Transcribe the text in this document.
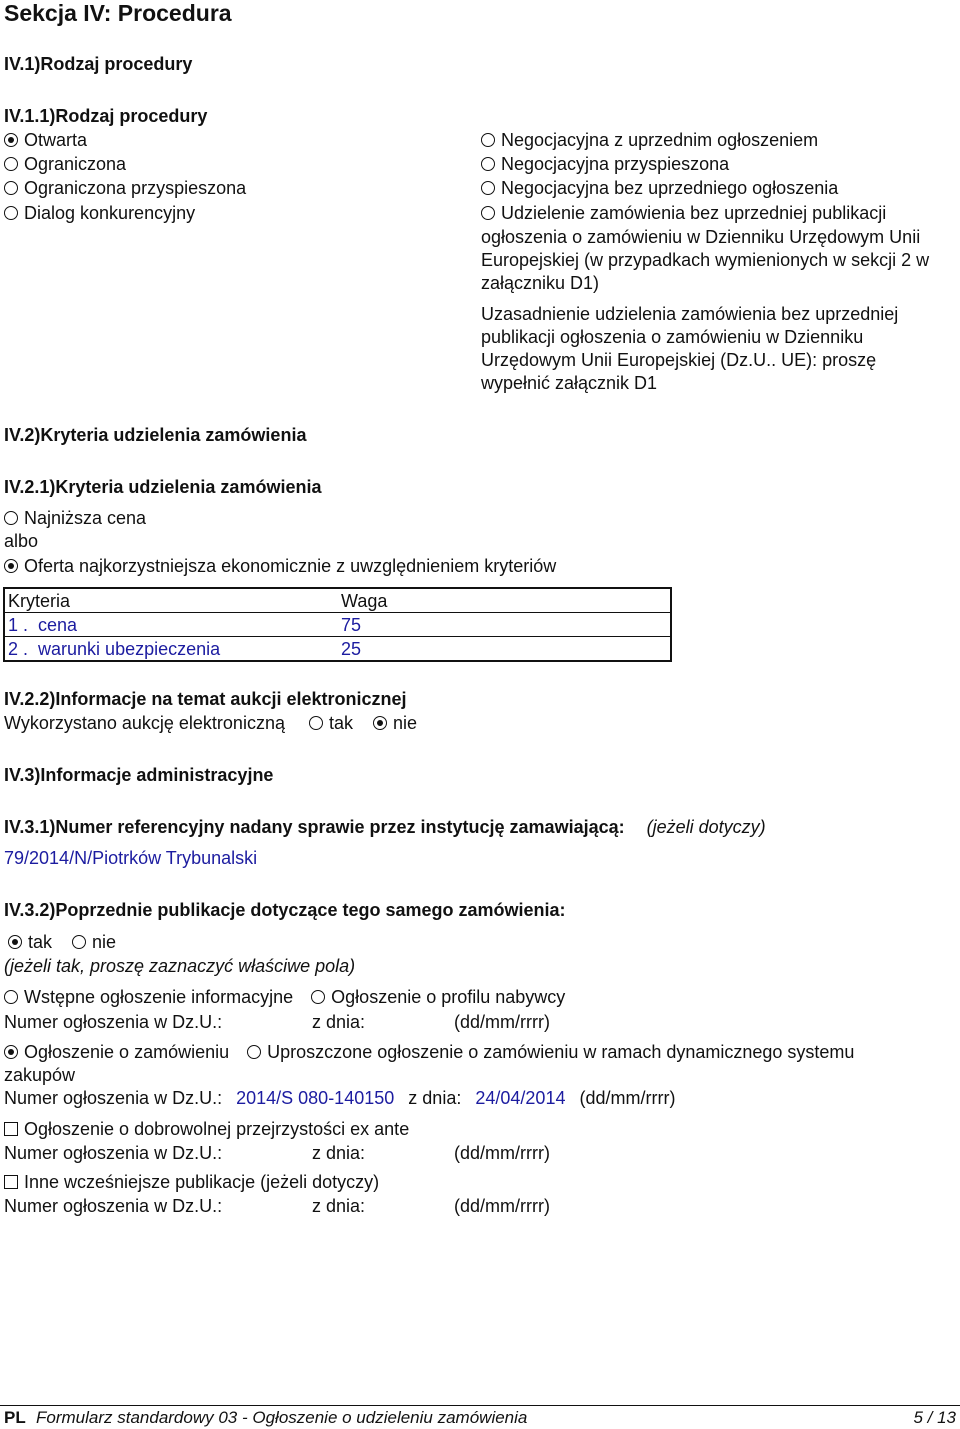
Sekcja IV: Procedura
IV.1)Rodzaj procedury
IV.1.1)Rodzaj procedury
Otwarta
Ograniczona
Ograniczona przyspieszona
Dialog konkurencyjny
Negocjacyjna z uprzednim ogłoszeniem
Negocjacyjna przyspieszona
Negocjacyjna bez uprzedniego ogłoszenia
Udzielenie zamówienia bez uprzedniej publikacji
ogłoszenia o zamówieniu w Dzienniku Urzędowym Unii Europejskiej (w przypadkach wymienionych w sekcji 2 w załączniku D1)
Uzasadnienie udzielenia zamówienia bez uprzedniej publikacji ogłoszenia o zamówieniu w Dzienniku Urzędowym Unii Europejskiej (Dz.U.. UE): proszę wypełnić załącznik D1
IV.2)Kryteria udzielenia zamówienia
IV.2.1)Kryteria udzielenia zamówienia
Najniższa cena
albo
Oferta najkorzystniejsza ekonomicznie z uwzględnieniem kryteriów
Kryteria	Waga
1 . cena	75
2 . warunki ubezpieczenia	25
IV.2.2)Informacje na temat aukcji elektronicznej
Wykorzystano aukcję elektroniczną tak nie
IV.3)Informacje administracyjne
IV.3.1)Numer referencyjny nadany sprawie przez instytucję zamawiającą: (jeżeli dotyczy)
79/2014/N/Piotrków Trybunalski
IV.3.2)Poprzednie publikacje dotyczące tego samego zamówienia:
tak nie
(jeżeli tak, proszę zaznaczyć właściwe pola)
Wstępne ogłoszenie informacyjne Ogłoszenie o profilu nabywcy
Numer ogłoszenia w Dz.U.:	z dnia:	(dd/mm/rrrr)
Ogłoszenie o zamówieniu Uproszczone ogłoszenie o zamówieniu w ramach dynamicznego systemu
zakupów
Numer ogłoszenia w Dz.U.: 2014/S 080-140150 z dnia: 24/04/2014 (dd/mm/rrrr)
Ogłoszenie o dobrowolnej przejrzystości ex ante
Numer ogłoszenia w Dz.U.:	z dnia:	(dd/mm/rrrr)
Inne wcześniejsze publikacje (jeżeli dotyczy)
Numer ogłoszenia w Dz.U.:	z dnia:	(dd/mm/rrrr)
PL Formularz standardowy 03 - Ogłoszenie o udzieleniu zamówienia	5 / 13
